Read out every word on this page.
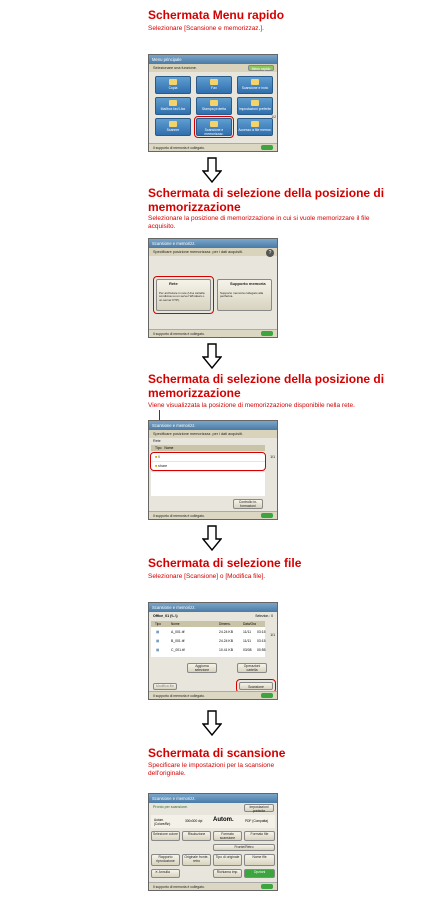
Schermata Menu rapido
Selezionare [Scansione e memorizzaz.].
Menu principale
Selezionare una funzione.	Menu rapido
Copia	Fax	Scansione e invio
Mailbox fax/I-fax	Stampa protetta	Impostazioni preferite
Scanner	Scansione e memorizzaz.
Accesso a file memor.
1/2
Il supporto di memoria è collegato.
Schermata di selezione della posizione di memorizzazione
Selezionare la posizione di memorizzazione in cui si vuole memorizzare il file acquisito.
Scansione e memorizz.
Specificare posizione memorizzaz. per i dati acquisiti.	?
Rete
Per archiviare in rete (Una cartella condivisa su un server Windows o un server FTP).
Supporto memoria
Supporto memoria collegato alla periferica.
Il supporto di memoria è collegato.
Schermata di selezione della posizione di memorizzazione
Viene visualizzata la posizione di memorizzazione disponibile nella rete.
Scansione e memorizz.
Specificare posizione memorizzaz. per i dati acquisiti.
Rete
Tipo Nome
■ \\
■ share
1/1
Controllo in-formazioni
Il supporto di memoria è collegato.
Schermata di selezione file
Selezionare [Scansione] o [Modifica file].
Scansione e memorizz.
Office_01 (\\..\)	Selezion.: 0
Tipo	Nome	Dimens.	Data/Ora
▦	A_001.tif	24.24 KB	11/11 03:15
▦	B_001.tif	24.24 KB	11/11 03:15
▦	C_001.tif	10.41 KB	03/08 00:55
1/1
Aggiorna selezione
Operazioni cartella
Modifica file	Scansione
Il supporto di memoria è collegato.
Schermata di scansione
Specificare le impostazioni per la scansione dell'originale.
Scansione e memorizz.
Pronto per scansione.	Impostazioni preferite
Autom. (Colore/Bn)
300x300 dpi Autom.	PDF (Compatta)
Selezione colore	Risoluzione	Formato scansione
Formato file
Fronte/Retro
Rapporto riproduzione
Originale fronte-retro
Tipo di originale	Nome file
✕ Annulla	Richiama imp.	Opzioni
Il supporto di memoria è collegato.
